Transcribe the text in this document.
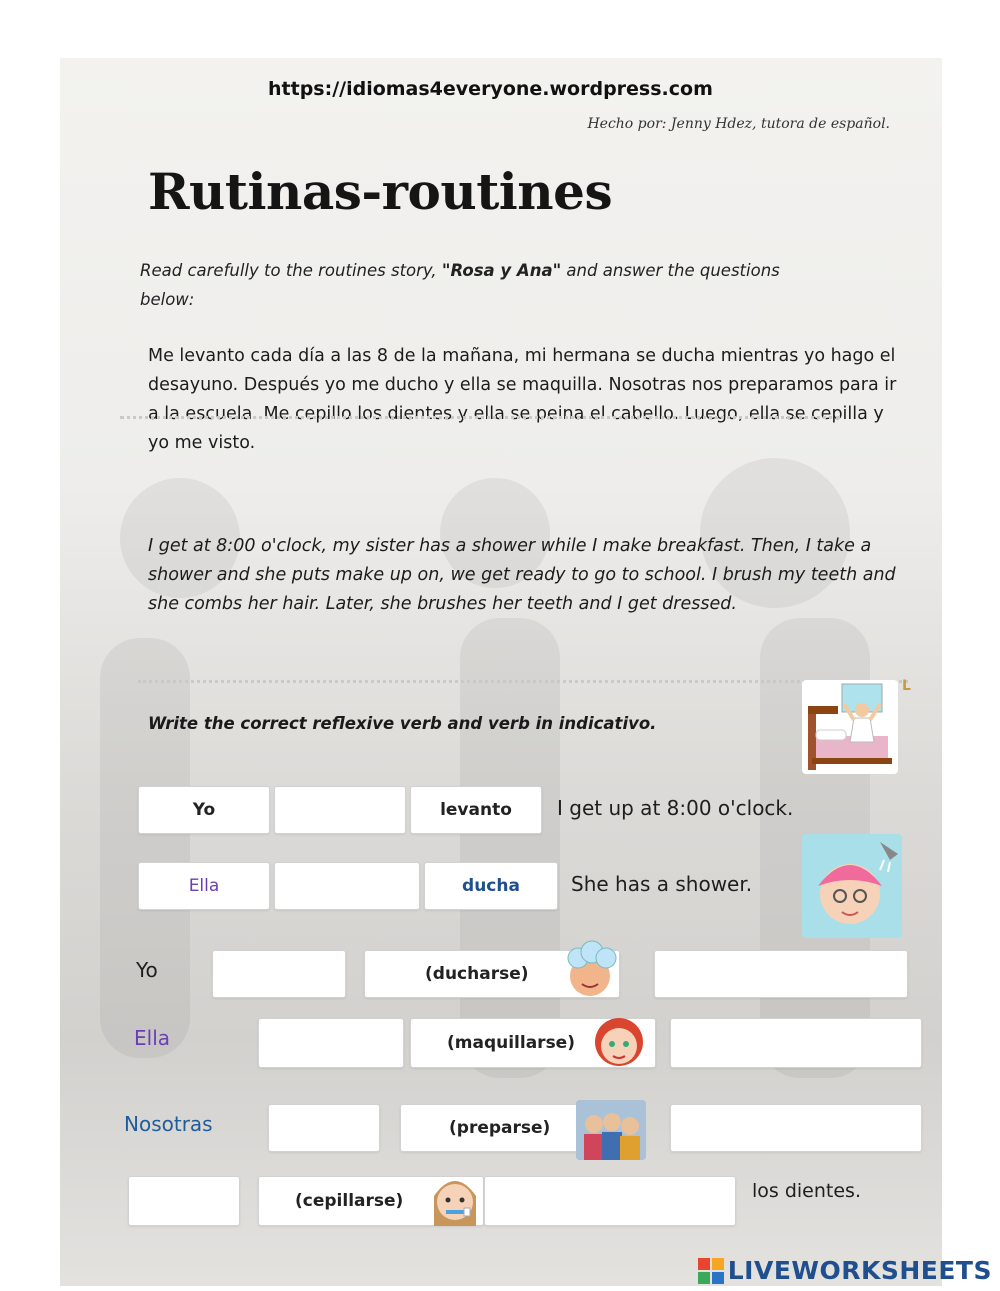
https://idiomas4everyone.wordpress.com
Hecho por: Jenny Hdez, tutora de español.
Rutinas-routines
Read carefully to the routines story, "Rosa y Ana" and answer the questions below:
Me levanto cada día a las 8 de la mañana, mi hermana se ducha mientras yo hago el desayuno. Después yo me ducho y ella se maquilla. Nosotras nos preparamos para ir a la escuela. Me cepillo los dientes y ella se peina el cabello. Luego, ella se cepilla y yo me visto.
I get at 8:00 o'clock, my sister has a shower while I make breakfast. Then, I take a shower and she puts make up on, we get ready to go to school. I brush my teeth and she combs her hair. Later, she brushes her teeth and I get dressed.
Write the correct reflexive verb and verb in indicativo.
L
Yo	levanto	I get up at 8:00 o'clock.
Ella	ducha	She has a shower.
Yo	(ducharse)
Ella	(maquillarse)
Nosotras	(preparse)
(cepillarse)	los dientes.
LIVEWORKSHEETS
